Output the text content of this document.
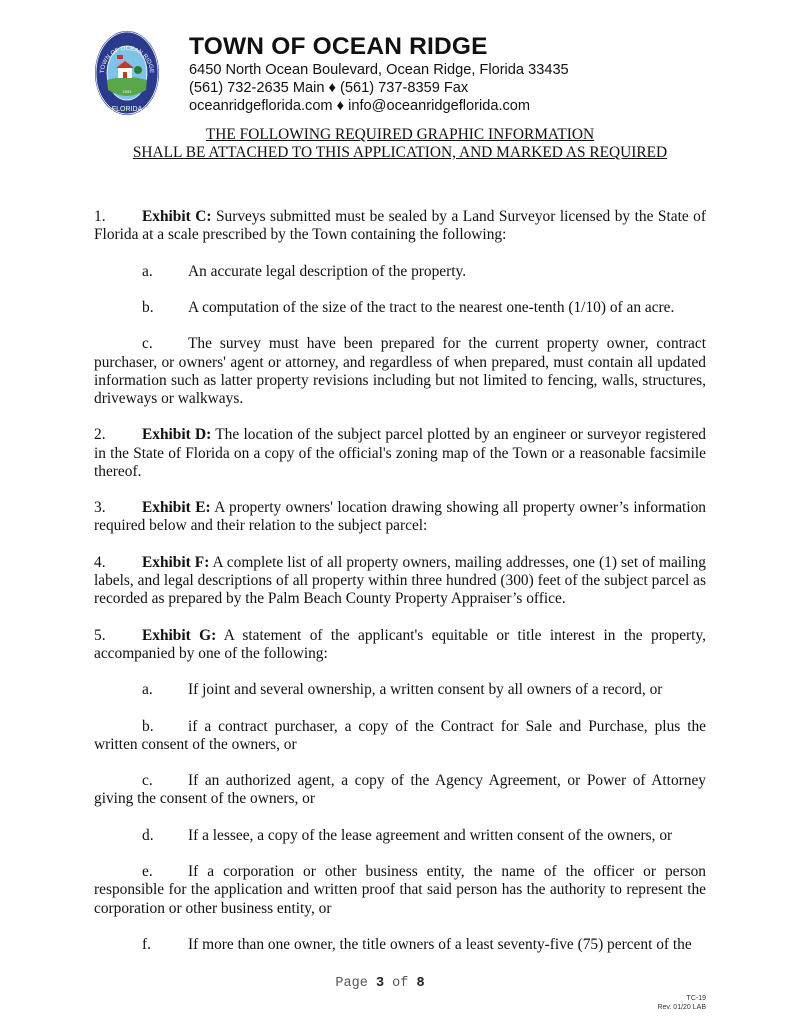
1931
TOWN OF OCEAN RIDGE
FLORIDA
TOWN OF OCEAN RIDGE
6450 North Ocean Boulevard, Ocean Ridge, Florida 33435
(561) 732-2635 Main ♦ (561) 737-8359 Fax
oceanridgeflorida.com ♦ info@oceanridgeflorida.com
THE FOLLOWING REQUIRED GRAPHIC INFORMATION
SHALL BE ATTACHED TO THIS APPLICATION, AND MARKED AS REQUIRED

1. Exhibit C: Surveys submitted must be sealed by a Land Surveyor licensed by the State of Florida at a scale prescribed by the Town containing the following:

a. An accurate legal description of the property.

b. A computation of the size of the tract to the nearest one-tenth (1/10) of an acre.

c. The survey must have been prepared for the current property owner, contract purchaser, or owners' agent or attorney, and regardless of when prepared, must contain all updated information such as latter property revisions including but not limited to fencing, walls, structures, driveways or walkways.

2. Exhibit D: The location of the subject parcel plotted by an engineer or surveyor registered in the State of Florida on a copy of the official's zoning map of the Town or a reasonable facsimile thereof.

3. Exhibit E: A property owners' location drawing showing all property owner’s information required below and their relation to the subject parcel:

4. Exhibit F: A complete list of all property owners, mailing addresses, one (1) set of mailing labels, and legal descriptions of all property within three hundred (300) feet of the subject parcel as recorded as prepared by the Palm Beach County Property Appraiser’s office.

5. Exhibit G: A statement of the applicant's equitable or title interest in the property, accompanied by one of the following:

a. If joint and several ownership, a written consent by all owners of a record, or

b. if a contract purchaser, a copy of the Contract for Sale and Purchase, plus the written consent of the owners, or

c. If an authorized agent, a copy of the Agency Agreement, or Power of Attorney giving the consent of the owners, or

d. If a lessee, a copy of the lease agreement and written consent of the owners, or

e. If a corporation or other business entity, the name of the officer or person responsible for the application and written proof that said person has the authority to represent the corporation or other business entity, or

f. If more than one owner, the title owners of a least seventy-five (75) percent of the

Page 3 of 8
TC-19
Rev. 01/20 LAB
